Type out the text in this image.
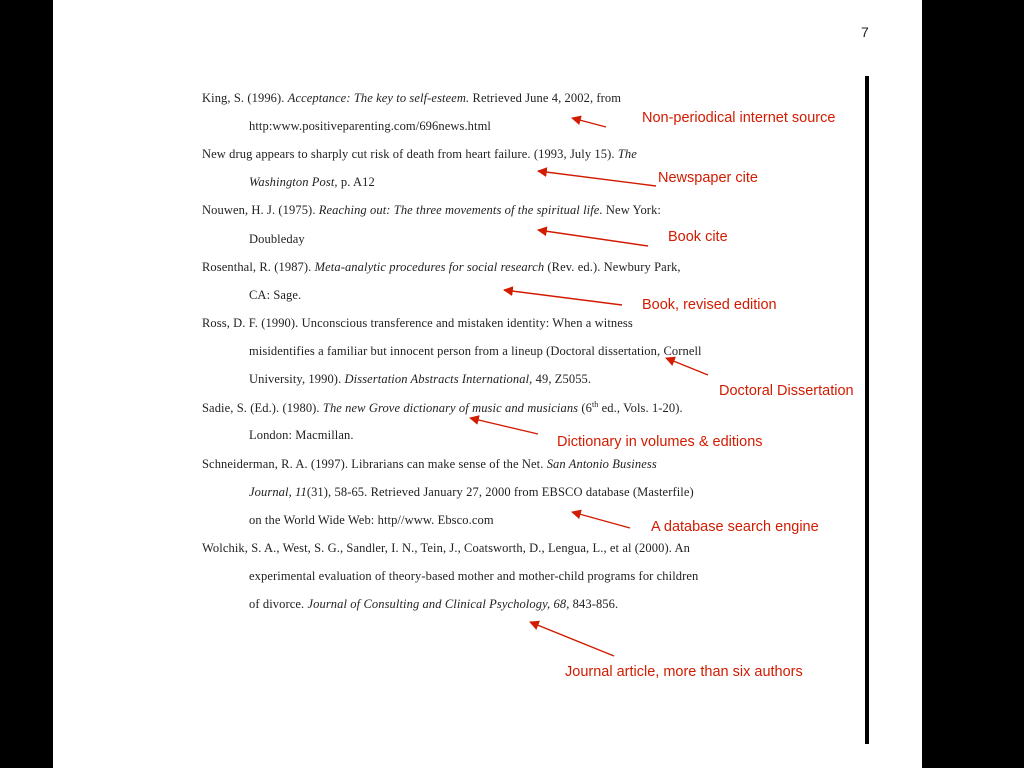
7
King, S. (1996). Acceptance: The key to self-esteem. Retrieved June 4, 2002, from
http:www.positiveparenting.com/696news.html
New drug appears to sharply cut risk of death from heart failure. (1993, July 15). The
Washington Post, p. A12
Nouwen, H. J. (1975). Reaching out: The three movements of the spiritual life. New York:
Doubleday
Rosenthal, R. (1987). Meta-analytic procedures for social research (Rev. ed.). Newbury Park,
CA: Sage.
Ross, D. F. (1990). Unconscious transference and mistaken identity: When a witness
misidentifies a familiar but innocent person from a lineup (Doctoral dissertation, Cornell
University, 1990). Dissertation Abstracts International, 49, Z5055.
Sadie, S. (Ed.). (1980). The new Grove dictionary of music and musicians (6th ed., Vols. 1-20).
London: Macmillan.
Schneiderman, R. A. (1997). Librarians can make sense of the Net. San Antonio Business
Journal, 11(31), 58-65. Retrieved January 27, 2000 from EBSCO database (Masterfile)
on the World Wide Web: http//www. Ebsco.com
Wolchik, S. A., West, S. G., Sandler, I. N., Tein, J., Coatsworth, D., Lengua, L., et al (2000). An
experimental evaluation of theory-based mother and mother-child programs for children
of divorce. Journal of Consulting and Clinical Psychology, 68, 843-856.
Non-periodical internet source
Newspaper cite
Book cite
Book, revised edition
Doctoral Dissertation
Dictionary in volumes & editions
A database search engine
Journal article, more than six authors
